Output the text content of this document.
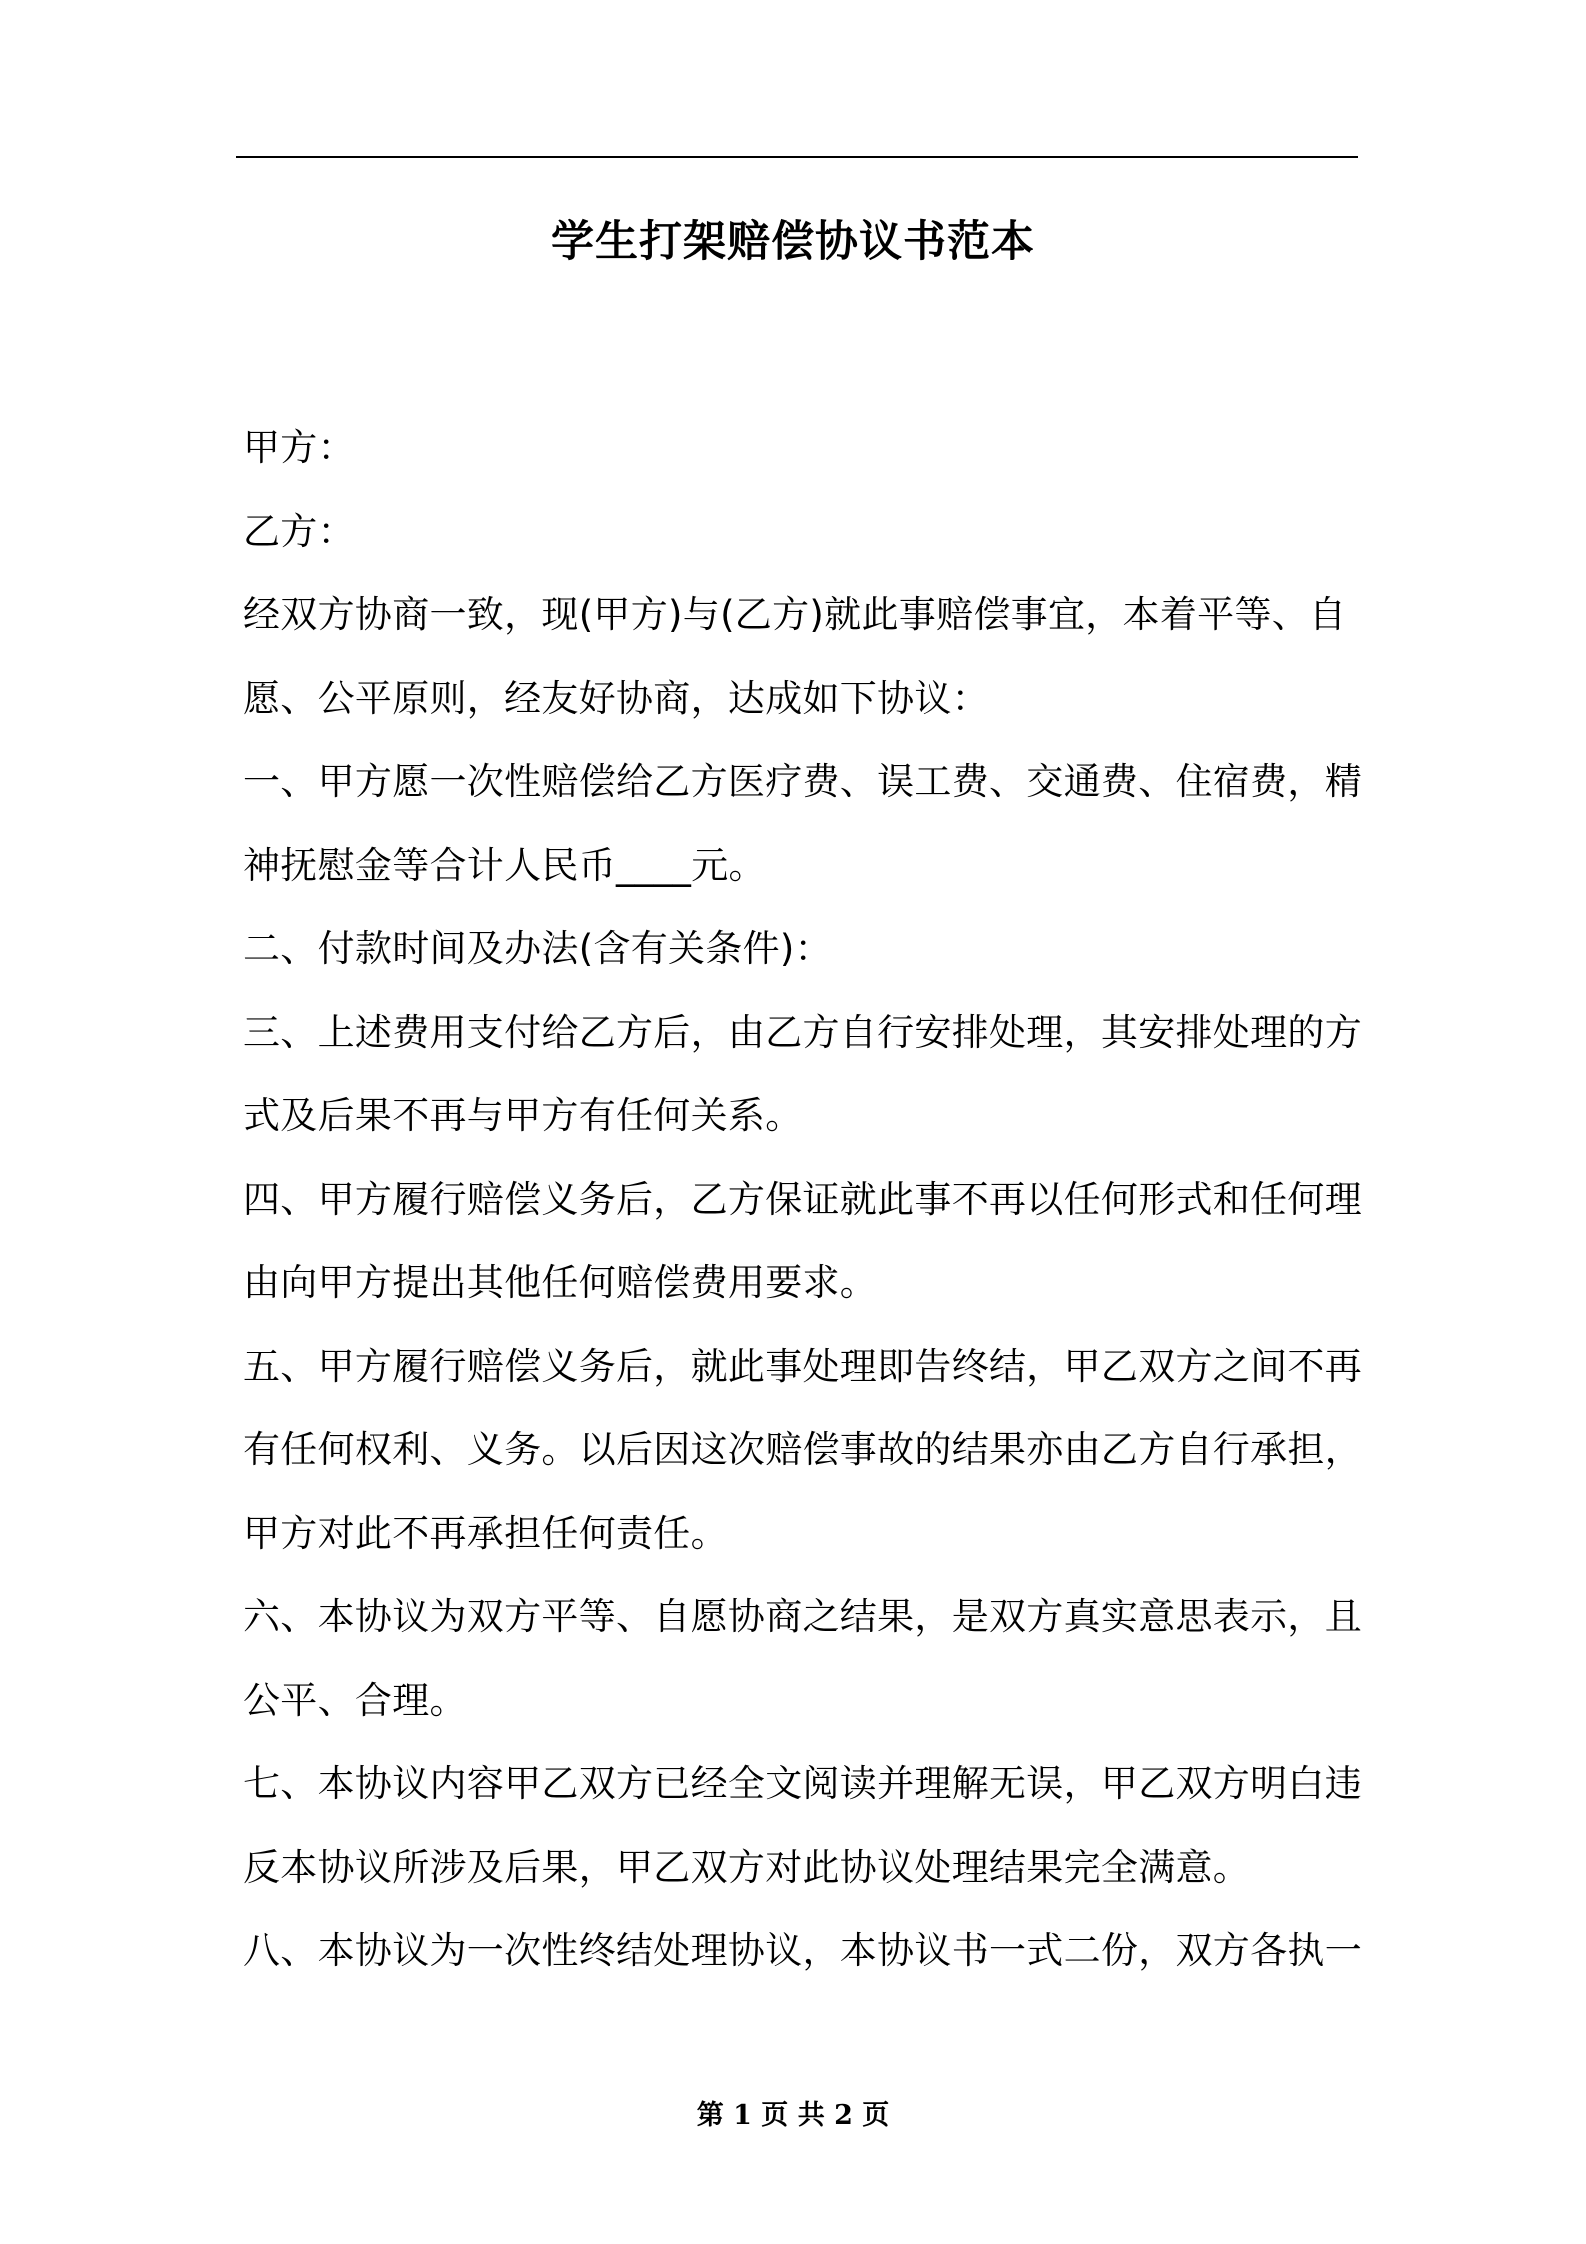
学生打架赔偿协议书范本
甲方：
乙方：
经双方协商一致，现(甲方)与(乙方)就此事赔偿事宜，本着平等、自
愿、公平原则，经友好协商，达成如下协议：
一、甲方愿一次性赔偿给乙方医疗费、误工费、交通费、住宿费，精
神抚慰金等合计人民币____元。
二、付款时间及办法(含有关条件)：
三、上述费用支付给乙方后，由乙方自行安排处理，其安排处理的方
式及后果不再与甲方有任何关系。
四、甲方履行赔偿义务后，乙方保证就此事不再以任何形式和任何理
由向甲方提出其他任何赔偿费用要求。
五、甲方履行赔偿义务后，就此事处理即告终结，甲乙双方之间不再
有任何权利、义务。以后因这次赔偿事故的结果亦由乙方自行承担，
甲方对此不再承担任何责任。
六、本协议为双方平等、自愿协商之结果，是双方真实意思表示，且
公平、合理。
七、本协议内容甲乙双方已经全文阅读并理解无误，甲乙双方明白违
反本协议所涉及后果，甲乙双方对此协议处理结果完全满意。
八、本协议为一次性终结处理协议，本协议书一式二份，双方各执一
第 1 页 共 2 页
